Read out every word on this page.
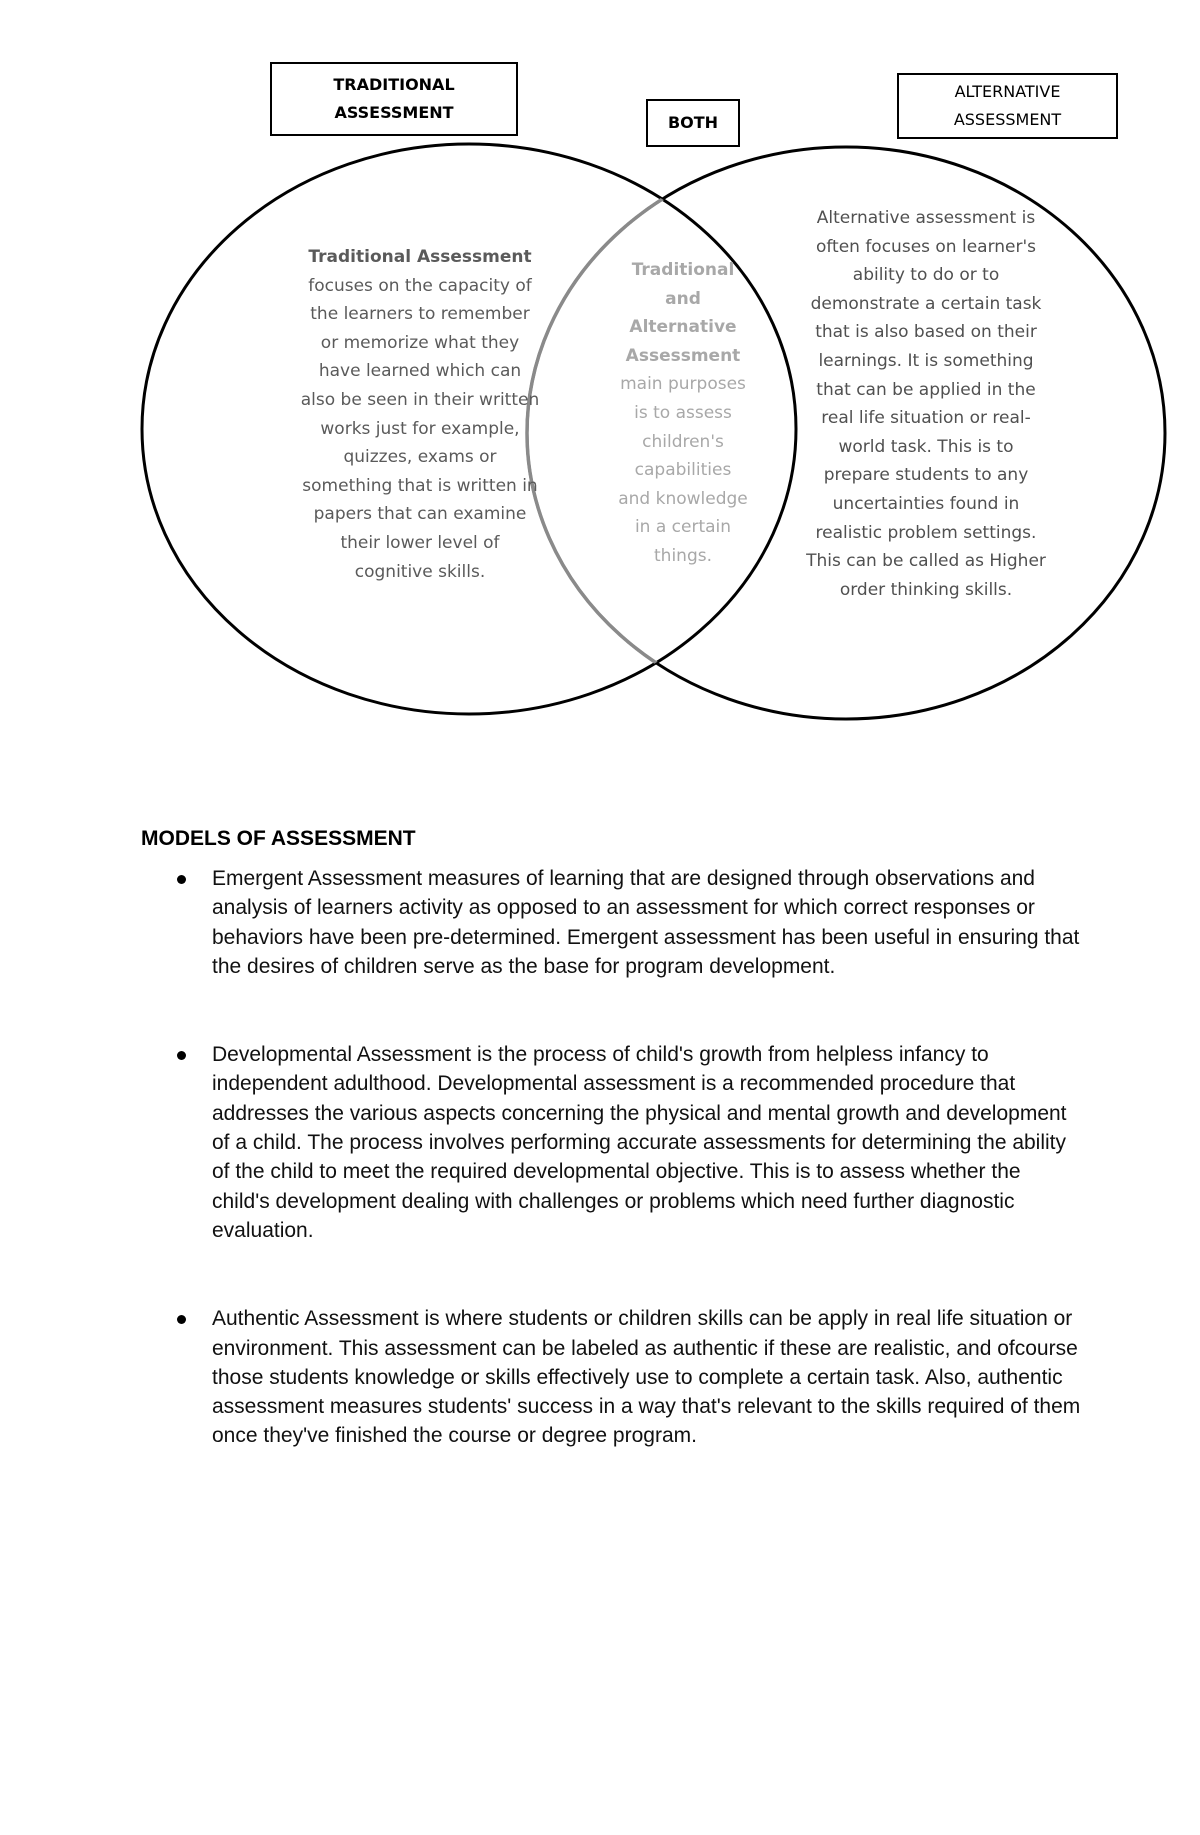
TRADITIONAL ASSESSMENT
BOTH
ALTERNATIVE ASSESSMENT
Traditional Assessment focuses on the capacity of the learners to remember or memorize what they have learned which can also be seen in their written works just for example, quizzes, exams or something that is written in papers that can examine their lower level of cognitive skills.
Traditional and Alternative Assessment main purposes is to assess children's capabilities and knowledge in a certain things.
Alternative assessment is often focuses on learner's ability to do or to demonstrate a certain task that is also based on their learnings. It is something that can be applied in the real life situation or real-world task. This is to prepare students to any uncertainties found in realistic problem settings. This can be called as Higher order thinking skills.
MODELS OF ASSESSMENT
Emergent Assessment measures of learning that are designed through observations and analysis of learners activity as opposed to an assessment for which correct responses or behaviors have been pre-determined. Emergent assessment has been useful in ensuring that the desires of children serve as the base for program development.
Developmental Assessment is the process of child's growth from helpless infancy to independent adulthood. Developmental assessment is a recommended procedure that addresses the various aspects concerning the physical and mental growth and development of a child. The process involves performing accurate assessments for determining the ability of the child to meet the required developmental objective. This is to assess whether the child's development dealing with challenges or problems which need further diagnostic evaluation.
Authentic Assessment is where students or children skills can be apply in real life situation or environment. This assessment can be labeled as authentic if these are realistic, and ofcourse those students knowledge or skills effectively use to complete a certain task. Also, authentic assessment measures students' success in a way that's relevant to the skills required of them once they've finished the course or degree program.
